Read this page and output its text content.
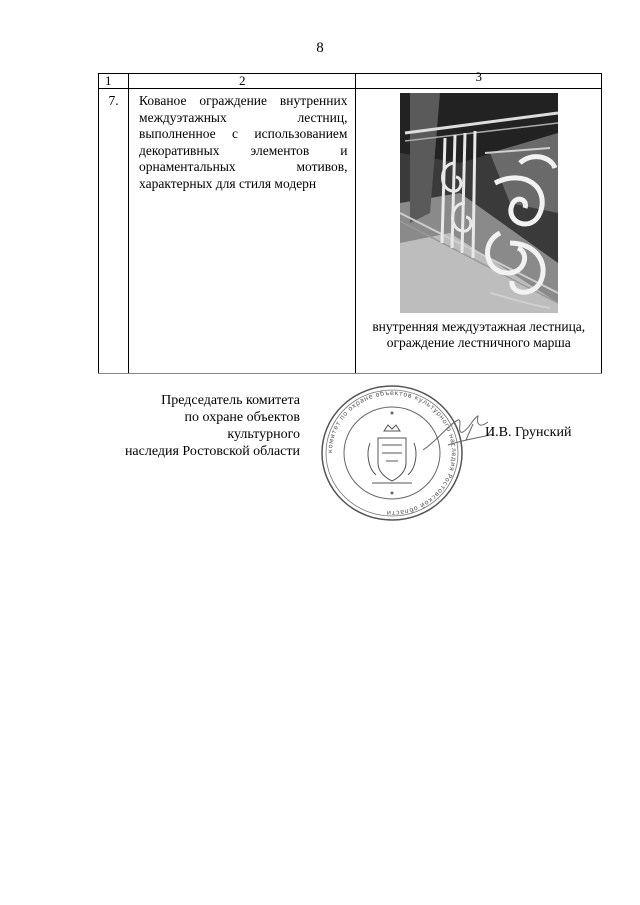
8
1	2	3
7.	Кованое ограждение внутренних междуэтажных лестниц, выполненное с использованием декоративных элементов и орнаментальных мотивов, характерных для стиля модерн	внутренняя междуэтажная лестница,
ограждение лестничного марша
Председатель комитета
по охране объектов культурного
наследия Ростовской области	комитет по охране объектов культурного наследия Ростовской области
И.В. Грунский
